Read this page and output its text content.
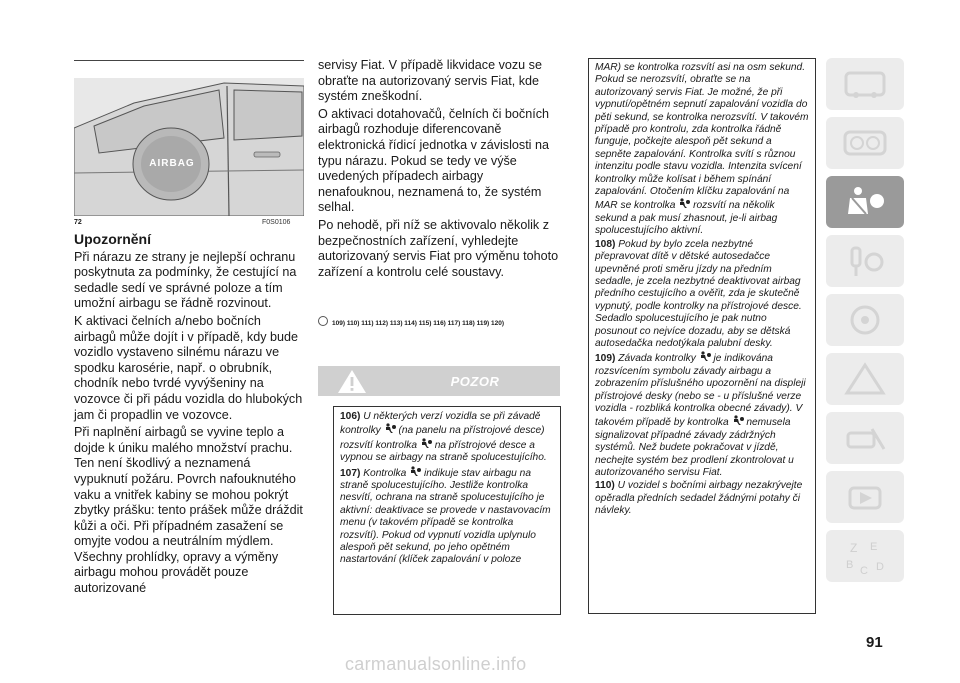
AIRBAG
72	F0S0106
Upozornění

Při nárazu ze strany je nejlepší ochranu poskytnuta za podmínky, že cestující na sedadle sedí ve správné poloze a tím umožní airbagu se řádně rozvinout.

K aktivaci čelních a/nebo bočních airbagů může dojít i v případě, kdy bude vozidlo vystaveno silnému nárazu ve spodku karosérie, např. o obrubník, chodník nebo tvrdé vyvýšeniny na vozovce či při pádu vozidla do hlubokých jam či propadlin ve vozovce.

Při naplnění airbagů se vyvine teplo a dojde k úniku malého množství prachu. Ten není škodlivý a neznamená vypuknutí požáru. Povrch nafouknutého vaku a vnitřek kabiny se mohou pokrýt zbytky prášku: tento prášek může dráždit kůži a oči. Při případném zasažení se omyjte vodou a neutrálním mýdlem. Všechny prohlídky, opravy a výměny airbagu mohou provádět pouze autorizované

servisy Fiat. V případě likvidace vozu se obraťte na autorizovaný servis Fiat, kde systém zneškodní.

O aktivaci dotahovačů, čelních či bočních airbagů rozhoduje diferencovaně elektronická řídicí jednotka v závislosti na typu nárazu. Pokud se tedy ve výše uvedených případech airbagy nenafouknou, neznamená to, že systém selhal.

Po nehodě, při níž se aktivovalo několik z bezpečnostních zařízení, vyhledejte autorizovaný servis Fiat pro výměnu tohoto zařízení a kontrolu celé soustavy.

109) 110) 111) 112) 113) 114) 115) 116) 117) 118) 119) 120)
POZOR

106) U některých verzí vozidla se při závadě kontrolky (na panelu na přístrojové desce) rozsvítí kontrolka na přístrojové desce a vypnou se airbagy na straně spolucestujícího.

107) Kontrolka indikuje stav airbagu na straně spolucestujícího. Jestliže kontrolka nesvítí, ochrana na straně spolucestujícího je aktivní: deaktivace se provede v nastavovacím menu (v takovém případě se kontrolka rozsvítí). Pokud od vypnutí vozidla uplynulo alespoň pět sekund, po jeho opětném nastartování (klíček zapalování v poloze

MAR) se kontrolka rozsvítí asi na osm sekund. Pokud se nerozsvítí, obraťte se na autorizovaný servis Fiat. Je možné, že při vypnutí/opětném sepnutí zapalování vozidla do pěti sekund, se kontrolka nerozsvítí. V takovém případě pro kontrolu, zda kontrolka řádně funguje, počkejte alespoň pět sekund a sepněte zapalování. Kontrolka svítí s různou intenzitu podle stavu vozidla. Intenzita svícení kontrolky může kolísat i během spínání zapalování. Otočením klíčku zapalování na MAR se kontrolka rozsvítí na několik sekund a pak musí zhasnout, je-li airbag spolucestujícího aktivní.

108) Pokud by bylo zcela nezbytné přepravovat dítě v dětské autosedačce upevněné proti směru jízdy na předním sedadle, je zcela nezbytné deaktivovat airbag předního cestujícího a ověřit, zda je skutečně vypnutý, podle kontrolky na přístrojové desce. Sedadlo spolucestujícího je pak nutno posunout co nejvíce dozadu, aby se dětská autosedačka nedotýkala palubní desky.

109) Závada kontrolky je indikována rozsvícením symbolu závady airbagu a zobrazením příslušného upozornění na displeji přístrojové desky (nebo se - u příslušné verze vozidla - rozbliká kontrolka obecné závady). V takovém případě by kontrolka nemusela signalizovat případné závady zádržných systémů. Než budete pokračovat v jízdě, nechejte systém bez prodlení zkontrolovat u autorizovaného servisu Fiat.

110) U vozidel s bočními airbagy nezakrývejte opěradla předních sedadel žádnými potahy či návleky.

Z E
B C D
91
carmanualsonline.info
